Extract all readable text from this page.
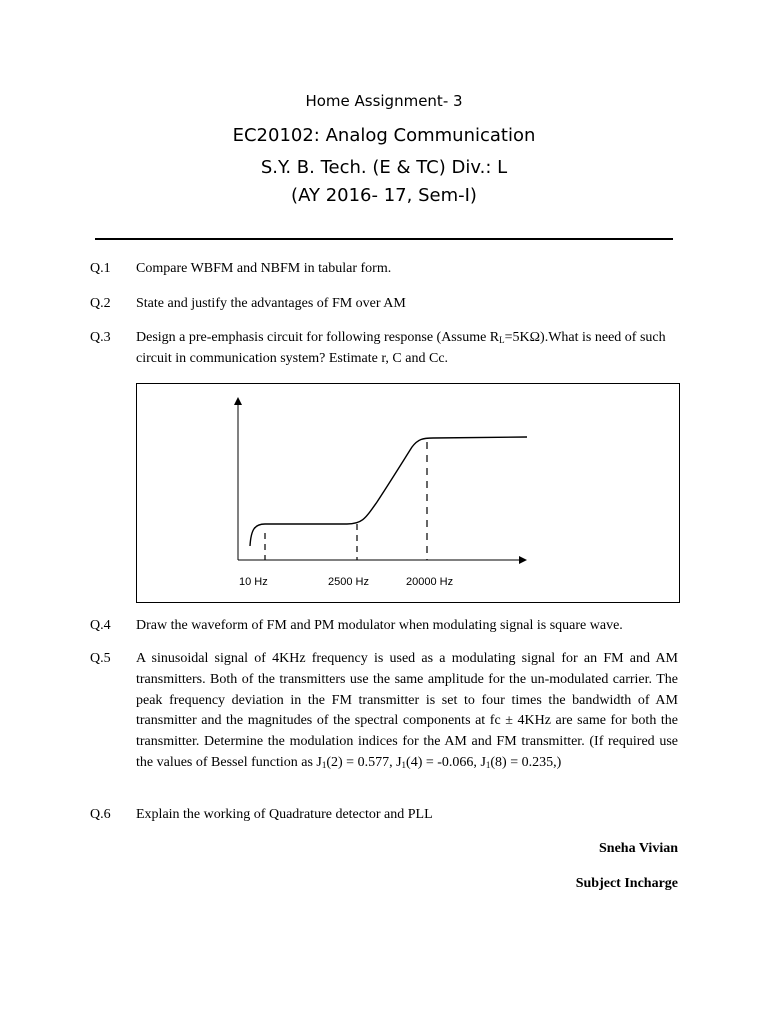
Home Assignment- 3
EC20102: Analog Communication
S.Y. B. Tech. (E & TC) Div.: L
(AY 2016- 17, Sem-I)
Q.1	Compare WBFM and NBFM in tabular form.
Q.2	State and justify the advantages of FM over AM
Q.3	Design a pre-emphasis circuit for following response (Assume $R_L=5K\Omega).What$ is need of such circuit in communication system? Estimate r, C and Cc.
10 Hz	2500 Hz	20000 Hz
Q.4	Draw the waveform of FM and PM modulator when modulating signal is square wave.
Q.5	A sinusoidal signal of 4KHz frequency is used as a modulating signal for an FM and AM transmitters. Both of the transmitters use the same amplitude for the un-modulated carrier. The peak frequency deviation in the FM transmitter is set to four times the bandwidth of AM transmitter and the magnitudes of the spectral components at fc ± 4KHz are same for both the transmitter. Determine the modulation indices for the AM and FM transmitter. (If required use the values of Bessel function as $J_1(2) = 0.577$, $J_1(4) = -0.066$, $J_1(8) = 0.235$,)
Q.6	Explain the working of Quadrature detector and PLL
Sneha Vivian
Subject Incharge
